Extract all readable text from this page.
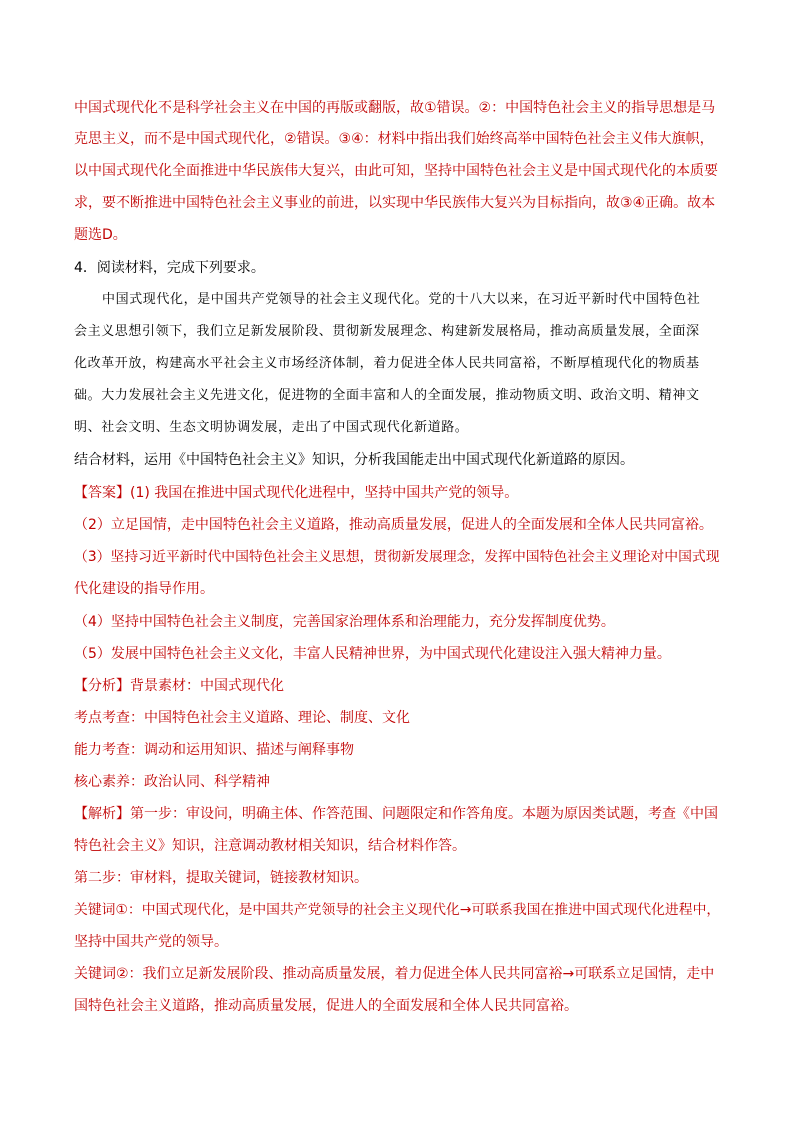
中国式现代化不是科学社会主义在中国的再版或翻版，故①错误。②：中国特色社会主义的指导思想是马
克思主义，而不是中国式现代化，②错误。③④：材料中指出我们始终高举中国特色社会主义伟大旗帜，
以中国式现代化全面推进中华民族伟大复兴，由此可知，坚持中国特色社会主义是中国式现代化的本质要
求，要不断推进中国特色社会主义事业的前进，以实现中华民族伟大复兴为目标指向，故③④正确。故本
题选D。
4．阅读材料，完成下列要求。
中国式现代化，是中国共产党领导的社会主义现代化。党的十八大以来，在习近平新时代中国特色社
会主义思想引领下，我们立足新发展阶段、贯彻新发展理念、构建新发展格局，推动高质量发展，全面深
化改革开放，构建高水平社会主义市场经济体制，着力促进全体人民共同富裕，不断厚植现代化的物质基
础。大力发展社会主义先进文化，促进物的全面丰富和人的全面发展，推动物质文明、政治文明、精神文
明、社会文明、生态文明协调发展，走出了中国式现代化新道路。
结合材料，运用《中国特色社会主义》知识，分析我国能走出中国式现代化新道路的原因。
【答案】(1) 我国在推进中国式现代化进程中，坚持中国共产党的领导。
（2）立足国情，走中国特色社会主义道路，推动高质量发展，促进人的全面发展和全体人民共同富裕。
（3）坚持习近平新时代中国特色社会主义思想，贯彻新发展理念，发挥中国特色社会主义理论对中国式现
代化建设的指导作用。
（4）坚持中国特色社会主义制度，完善国家治理体系和治理能力，充分发挥制度优势。
（5）发展中国特色社会主义文化，丰富人民精神世界，为中国式现代化建设注入强大精神力量。
【分析】背景素材：中国式现代化
考点考查：中国特色社会主义道路、理论、制度、文化
能力考查：调动和运用知识、描述与阐释事物
核心素养：政治认同、科学精神
【解析】第一步：审设问，明确主体、作答范围、问题限定和作答角度。本题为原因类试题，考查《中国
特色社会主义》知识，注意调动教材相关知识，结合材料作答。
第二步：审材料，提取关键词，链接教材知识。
关键词①：中国式现代化，是中国共产党领导的社会主义现代化→可联系我国在推进中国式现代化进程中，
坚持中国共产党的领导。
关键词②：我们立足新发展阶段、推动高质量发展，着力促进全体人民共同富裕→可联系立足国情，走中
国特色社会主义道路，推动高质量发展，促进人的全面发展和全体人民共同富裕。
